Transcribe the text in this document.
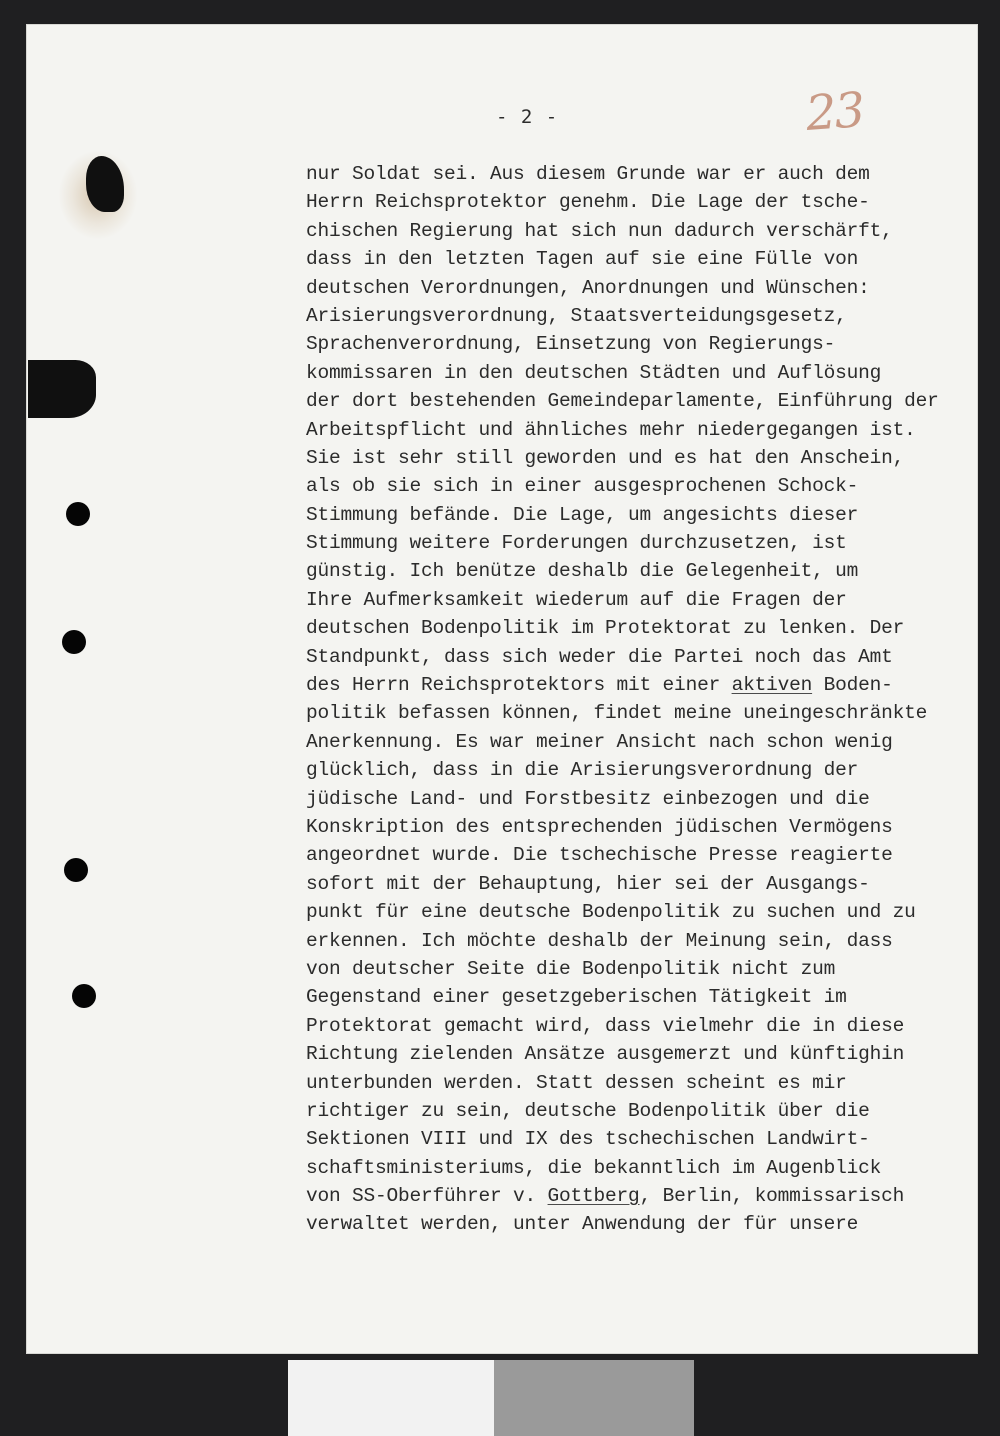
- 2 -	23
nur Soldat sei. Aus diesem Grunde war er auch dem
Herrn Reichsprotektor genehm. Die Lage der tsche-
chischen Regierung hat sich nun dadurch verschärft,
dass in den letzten Tagen auf sie eine Fülle von
deutschen Verordnungen, Anordnungen und Wünschen:
Arisierungsverordnung, Staatsverteidungsgesetz,
Sprachenverordnung, Einsetzung von Regierungs-
kommissaren in den deutschen Städten und Auflösung
der dort bestehenden Gemeindeparlamente, Einführung der
Arbeitspflicht und ähnliches mehr niedergegangen ist.
Sie ist sehr still geworden und es hat den Anschein,
als ob sie sich in einer ausgesprochenen Schock-
Stimmung befände. Die Lage, um angesichts dieser
Stimmung weitere Forderungen durchzusetzen, ist
günstig. Ich benütze deshalb die Gelegenheit, um
Ihre Aufmerksamkeit wiederum auf die Fragen der
deutschen Bodenpolitik im Protektorat zu lenken. Der
Standpunkt, dass sich weder die Partei noch das Amt
des Herrn Reichsprotektors mit einer aktiven Boden-
politik befassen können, findet meine uneingeschränkte
Anerkennung. Es war meiner Ansicht nach schon wenig
glücklich, dass in die Arisierungsverordnung der
jüdische Land- und Forstbesitz einbezogen und die
Konskription des entsprechenden jüdischen Vermögens
angeordnet wurde. Die tschechische Presse reagierte
sofort mit der Behauptung, hier sei der Ausgangs-
punkt für eine deutsche Bodenpolitik zu suchen und zu
erkennen. Ich möchte deshalb der Meinung sein, dass
von deutscher Seite die Bodenpolitik nicht zum
Gegenstand einer gesetzgeberischen Tätigkeit im
Protektorat gemacht wird, dass vielmehr die in diese
Richtung zielenden Ansätze ausgemerzt und künftighin
unterbunden werden. Statt dessen scheint es mir
richtiger zu sein, deutsche Bodenpolitik über die
Sektionen VIII und IX des tschechischen Landwirt-
schaftsministeriums, die bekanntlich im Augenblick
von SS-Oberführer v. Gottberg, Berlin, kommissarisch
verwaltet werden, unter Anwendung der für unsere
